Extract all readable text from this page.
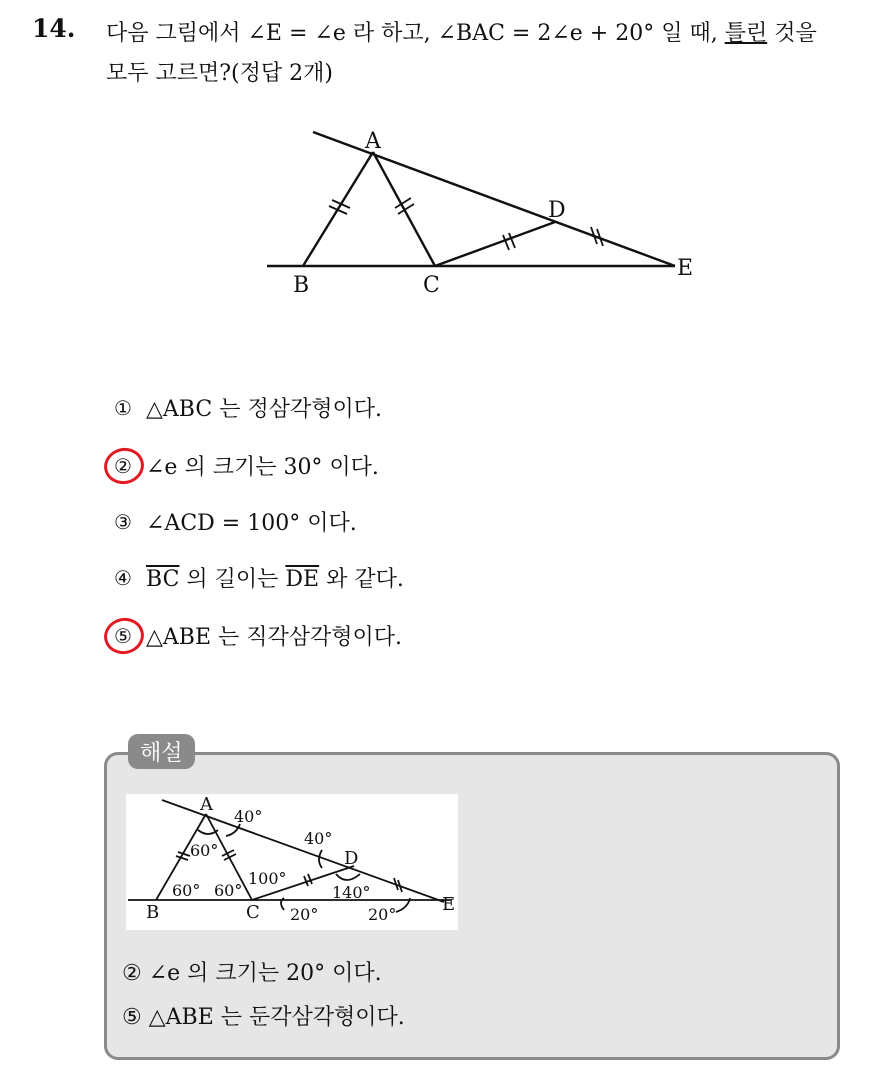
14. 다음 그림에서 ∠E = ∠e 라 하고, ∠BAC = 2∠e + 20° 일 때, 틀린 것을
모두 고르면?(정답 2개)
A
B	C
D
E
① △ABC 는 정삼각형이다.
② ∠e 의 크기는 30° 이다.
③ ∠ACD = 100° 이다.
④ $\overline{BC}$ 의 길이는 $\overline{DE}$ 와 같다.
⑤ △ABE 는 직각삼각형이다.
해설
A
B	C
D
E
40°
40°
60°
60° 60°
100°
140°
20°	20°
② ∠e 의 크기는 20° 이다.
⑤ △ABE 는 둔각삼각형이다.
